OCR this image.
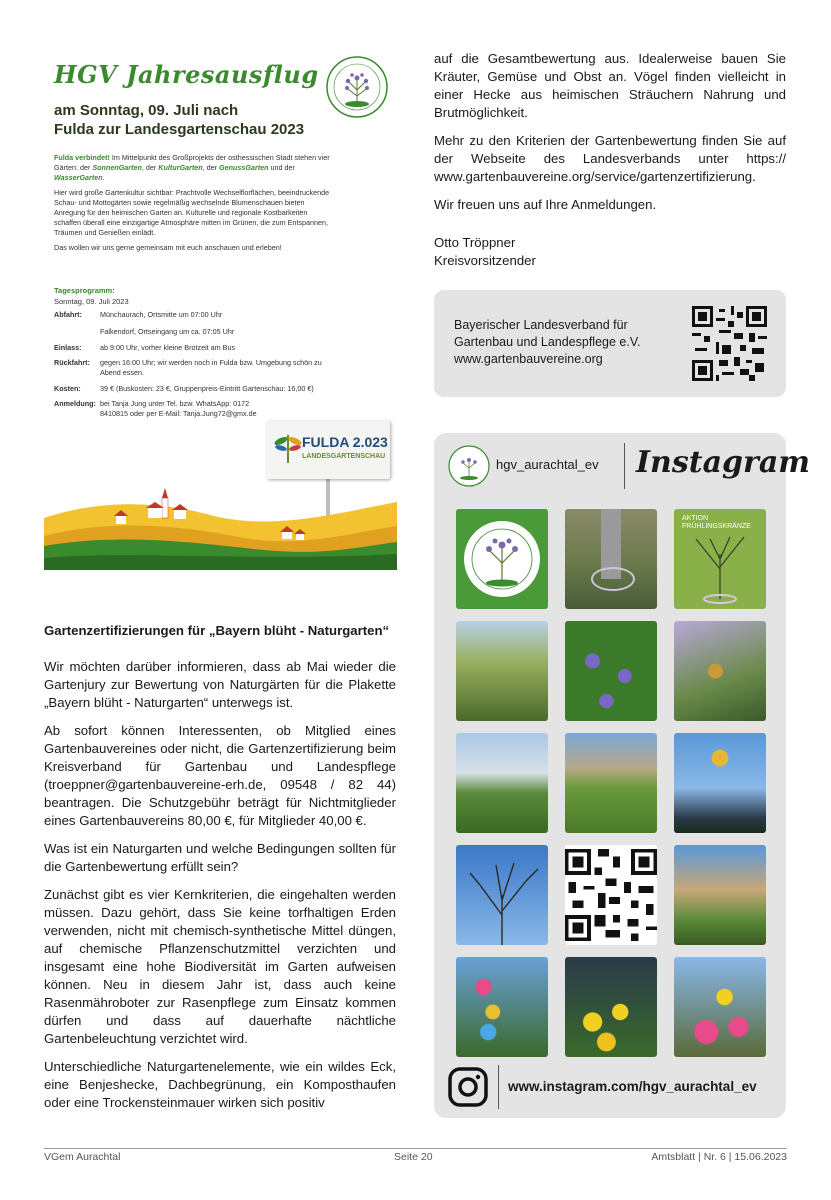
HGV Jahresausflug
am Sonntag, 09. Juli nach
Fulda zur Landesgartenschau 2023

Fulda verbindet! Im Mittelpunkt des Großprojekts der osthessischen Stadt stehen vier Gärten: der SonnenGarten, der KulturGarten, der GenussGarten und der WasserGarten.

Hier wird große Gartenkultur sichtbar: Prachtvolle Wechselflorflächen, beeindruckende Schau- und Mottogärten sowie regelmäßig wechselnde Blumenschauen bieten Anregung für den heimischen Garten an. Kulturelle und regionale Kostbarkeiten schaffen überall eine einzigartige Atmosphäre mitten im Grünen, die zum Entspannen, Träumen und Genießen einlädt.

Das wollen wir uns gerne gemeinsam mit euch anschauen und erleben!

Tagesprogramm:
Sonntag, 09. Juli 2023
Abfahrt:	Münchaurach, Ortsmitte um 07:00 Uhr
Falkendorf, Ortseingang um ca. 07:05 Uhr
Einlass:	ab 9:00 Uhr, vorher kleine Brotzeit am Bus
Rückfahrt: gegen 16:00 Uhr; wir werden noch in Fulda bzw. Umgebung schön zu Abend essen.
Kosten:	39 € (Buskosten: 23 €, Gruppenpreis-Eintritt Gartenschau: 16,00 €)
Anmeldung: bei Tanja Jung unter Tel. bzw. WhatsApp: 0172 8410815 oder per E-Mail: Tanja.Jung72@gmx.de
FULDA 2.023
LANDESGARTENSCHAU
Gartenzertifizierungen für „Bayern blüht - Naturgarten“

Wir möchten darüber informieren, dass ab Mai wieder die Gartenjury zur Bewertung von Naturgärten für die Plakette „Bayern blüht - Naturgarten“ unterwegs ist.

Ab sofort können Interessenten, ob Mitglied eines Gartenbauvereines oder nicht, die Gartenzertifizierung beim Kreisverband für Gartenbau und Landespflege (troeppner@gartenbauvereine-erh.de, 09548 / 82 44) beantragen. Die Schutzgebühr beträgt für Nichtmitglieder eines Gartenbauvereins 80,00 €, für Mitglieder 40,00 €.

Was ist ein Naturgarten und welche Bedingungen sollten für die Gartenbewertung erfüllt sein?

Zunächst gibt es vier Kernkriterien, die eingehalten werden müssen. Dazu gehört, dass Sie keine torfhaltigen Erden verwenden, nicht mit chemisch-synthetische Mittel düngen, auf chemische Pflanzenschutzmittel verzichten und insgesamt eine hohe Biodiversität im Garten aufweisen können. Neu in diesem Jahr ist, dass auch keine Rasenmähroboter zur Rasenpflege zum Einsatz kommen dürfen und dass auf dauerhafte nächtliche Gartenbeleuchtung verzichtet wird.

Unterschiedliche Naturgartenelemente, wie ein wildes Eck, eine Benjeshecke, Dachbegrünung, ein Komposthaufen oder eine Trockensteinmauer wirken sich positiv

auf die Gesamtbewertung aus. Idealerweise bauen Sie Kräuter, Gemüse und Obst an. Vögel finden vielleicht in einer Hecke aus heimischen Sträuchern Nahrung und Brutmöglichkeit.

Mehr zu den Kriterien der Gartenbewertung finden Sie auf der Webseite des Landesverbands unter https:// www.gartenbauvereine.org/service/gartenzertifizierung.

Wir freuen uns auf Ihre Anmeldungen.

Otto Tröppner
Kreisvorsitzender
Bayerischer Landesverband für
Gartenbau und Landespflege e.V.
www.gartenbauvereine.org
hgv_aurachtal_ev Instagram
AKTION FRÜHLINGSKRÄNZE
www.instagram.com/hgv_aurachtal_ev
VGem Aurachtal	Seite 20	Amtsblatt | Nr. 6 | 15.06.2023
